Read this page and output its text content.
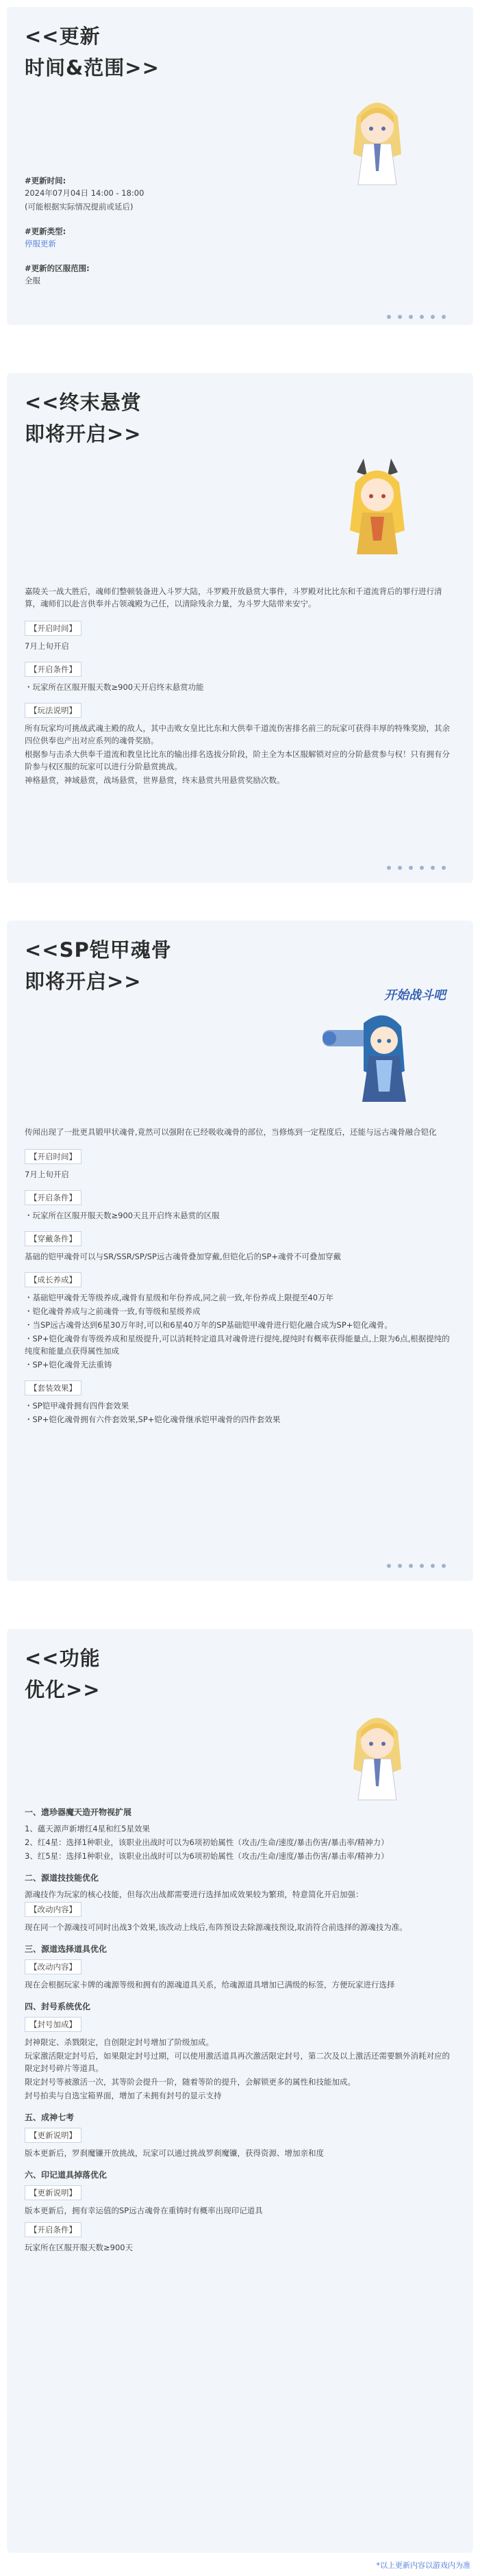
<<更新
时间&范围>>
#更新时间:
2024年07月04日 14:00 - 18:00
(可能根据实际情况提前或延后)
#更新类型:
停服更新
#更新的区服范围:
全服
<<终末悬赏
即将开启>>
嘉陵关一战大胜后，魂师们整顿装备进入斗罗大陆，斗罗殿开放悬赏大事件，斗罗殿对比比东和千道流背后的罪行进行清算，魂师们以赴言供奉并占领魂殿为己任，以清除残余力量，为斗罗大陆带来安宁。
【开启时间】
7月上旬开启
【开启条件】
・玩家所在区服开服天数≥900天开启终末悬赏功能
【玩法说明】
所有玩家均可挑战武魂主殿的敌人，其中击败女皇比比东和大供奉千道流伤害排名前三的玩家可获得丰厚的特殊奖励，其余四位供奉也产出对应系列的魂骨奖励。
根据参与击杀大供奉千道流和教皇比比东的输出排名选拔分阶段，阶主全为本区服解锁对应的分阶悬赏参与权！只有拥有分阶参与权区服的玩家可以进行分阶悬赏挑战。
神格悬赏，神域悬赏，战场悬赏，世界悬赏，终末悬赏共用悬赏奖励次数。
<<SP铠甲魂骨
即将开启>>
开始战斗吧
传闻出现了一批更具锻甲状魂骨,竟然可以强附在已经吸收魂骨的部位，当修炼到一定程度后，还能与远古魂骨融合铠化
【开启时间】
7月上旬开启
【开启条件】
・玩家所在区服开服天数≥900天且开启终末悬赏的区服
【穿戴条件】
基础的铠甲魂骨可以与SR/SSR/SP/SP远古魂骨叠加穿戴,但铠化后的SP+魂骨不可叠加穿戴
【成长养成】
・基础铠甲魂骨无等级养成,魂骨有星级和年份养成,同之前一致,年份养成上限提至40万年
・铠化魂骨养成与之前魂骨一致,有等级和星级养成
・当SP远古魂骨达到6星30万年时,可以和6星40万年的SP基础铠甲魂骨进行铠化融合成为SP+铠化魂骨。
・SP+铠化魂骨有等级养成和星级提升,可以消耗特定道具对魂骨进行提纯,提纯时有概率获得能量点,上限为6点,根据提纯的纯度和能量点获得属性加成
・SP+铠化魂骨无法重铸
【套装效果】
・SP铠甲魂骨拥有四件套效果
・SP+铠化魂骨拥有六件套效果,SP+铠化魂骨继承铠甲魂骨的四件套效果
<<功能
优化>>
一、遗珍器魔天造开物视扩展
1、蘊天源声新增红4星和红5星效果
2、红4星：选择1种职业，该职业出战时可以为6项初始属性（攻击/生命/速度/暴击伤害/暴击率/精神力）
3、红5星：选择1种职业，该职业出战时可以为6项初始属性（攻击/生命/速度/暴击伤害/暴击率/精神力）
二、源道技技能优化
源魂技作为玩家的核心技能，但每次出战都需要进行选择加成效果较为繁琐，特意简化开启加强：
【改动内容】
现在同一个源魂技可同时出战3个效果,该改动上线后,布阵预设去除源魂技预设,取消符合前选择的源魂技为准。
三、源道选择道具优化
【改动内容】
现在会根据玩家卡牌的魂源等级和拥有的源魂道具关系，给魂源道具增加已满级的标签，方便玩家进行选择
四、封号系统优化
【封号加成】
封神限定、杀戮限定，自创限定封号增加了阶级加成。
玩家激活限定封号后，如果限定封号过期，可以使用激活道具再次激活限定封号，第二次及以上激活还需要额外消耗对应的限定封号碎片等道具。
限定封号等被激活一次，其等阶会提升一阶，随着等阶的提升，会解锁更多的属性和技能加成。
封号拍卖与自选宝箱界面，增加了未拥有封号的显示支持
五、成神七考
【更新说明】
版本更新后，罗刹魔镰开放挑战，玩家可以通过挑战罗刹魔镰，获得资源、增加亲和度
六、印记道具掉落优化
【更新说明】
版本更新后，拥有幸运值的SP远古魂骨在重铸时有概率出现印记道具
【开启条件】
玩家所在区服开服天数≥900天
*以上更新内容以游戏内为准
